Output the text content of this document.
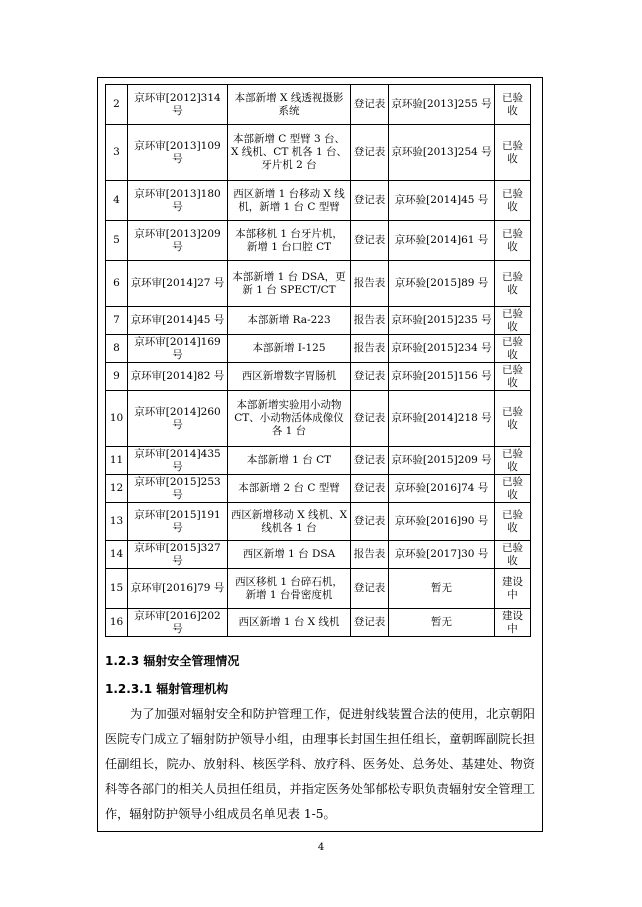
2	京环审[2012]314 号	本部新增 X 线透视摄影系统	登记表	京环验[2013]255 号	已验收
3	京环审[2013]109 号	本部新增 C 型臂 3 台、X 线机、CT 机各 1 台、牙片机 2 台	登记表	京环验[2013]254 号	已验收
4	京环审[2013]180 号	西区新增 1 台移动 X 线机，新增 1 台 C 型臂	登记表	京环验[2014]45 号	已验收
5	京环审[2013]209 号	本部移机 1 台牙片机，新增 1 台口腔 CT	登记表	京环验[2014]61 号	已验收
6	京环审[2014]27 号	本部新增 1 台 DSA，更新 1 台 SPECT/CT	报告表	京环验[2015]89 号	已验收
7	京环审[2014]45 号	本部新增 Ra-223	报告表	京环验[2015]235 号	已验收
8	京环审[2014]169 号	本部新增 I-125	报告表	京环验[2015]234 号	已验收
9	京环审[2014]82 号	西区新增数字胃肠机	登记表	京环验[2015]156 号	已验收
10	京环审[2014]260 号	本部新增实验用小动物 CT、小动物活体成像仪各 1 台	登记表	京环验[2014]218 号	已验收
11	京环审[2014]435 号	本部新增 1 台 CT	登记表	京环验[2015]209 号	已验收
12	京环审[2015]253 号	本部新增 2 台 C 型臂	登记表	京环验[2016]74 号	已验收
13	京环审[2015]191 号	西区新增移动 X 线机、X 线机各 1 台	登记表	京环验[2016]90 号	已验收
14	京环审[2015]327 号	西区新增 1 台 DSA	报告表	京环验[2017]30 号	已验收
15	京环审[2016]79 号	西区移机 1 台碎石机，新增 1 台骨密度机	登记表	暂无	建设中
16	京环审[2016]202 号	西区新增 1 台 X 线机	登记表	暂无	建设中
1.2.3 辐射安全管理情况
1.2.3.1 辐射管理机构
为了加强对辐射安全和防护管理工作，促进射线装置合法的使用，北京朝阳医院专门成立了辐射防护领导小组，由理事长封国生担任组长，童朝晖副院长担任副组长，院办、放射科、核医学科、放疗科、医务处、总务处、基建处、物资科等各部门的相关人员担任组员，并指定医务处邹郁松专职负责辐射安全管理工作，辐射防护领导小组成员名单见表 1-5。
4
